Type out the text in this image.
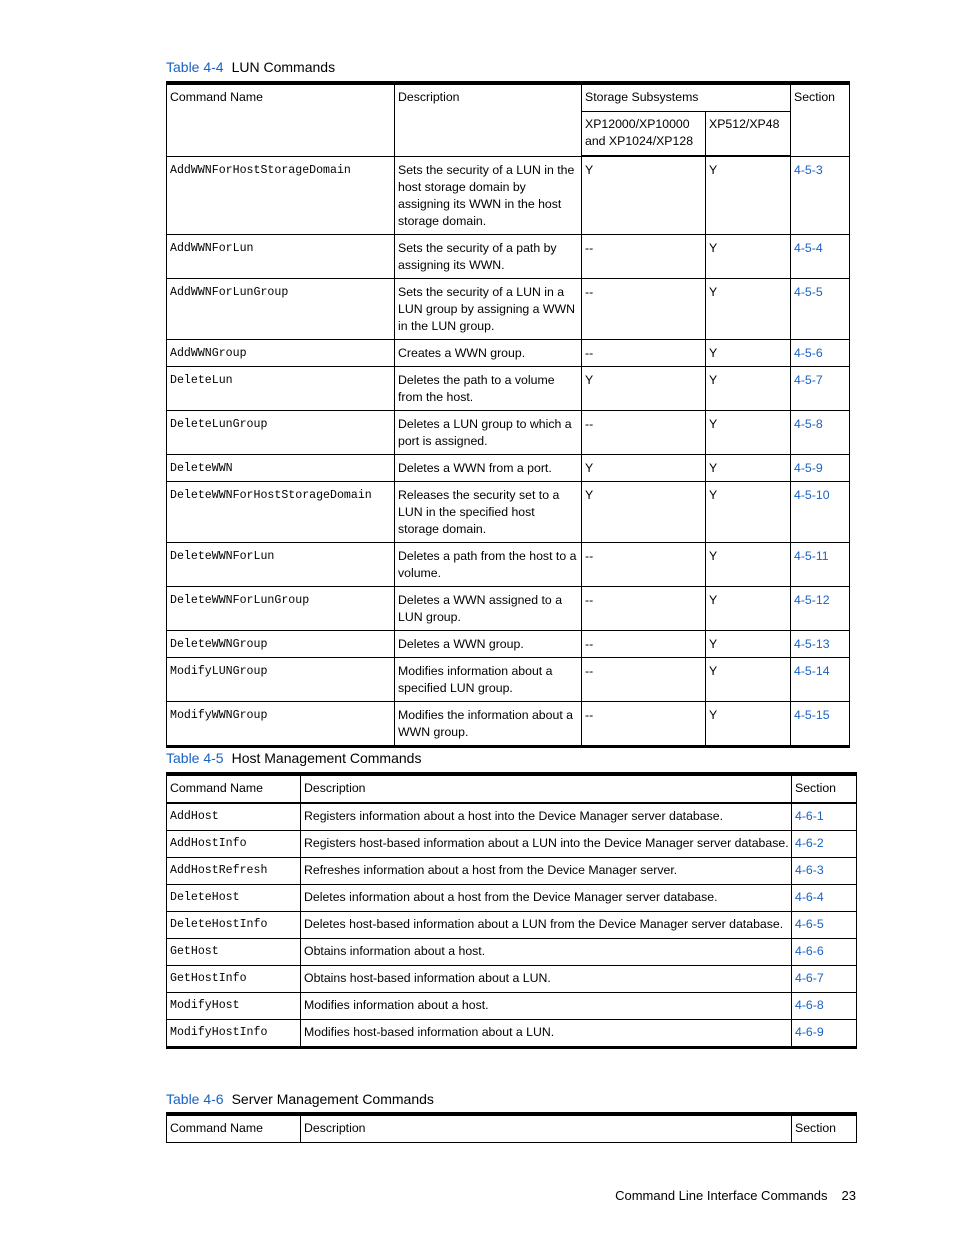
Table 4-4 LUN Commands
Command Name	Description	Storage Subsystems		Section
		XP12000/XP10000 and XP1024/XP128	XP512/XP48	
AddWWNForHostStorageDomain	Sets the security of a LUN in the host storage domain by assigning its WWN in the host storage domain.	Y	Y	4-5-3
AddWWNForLun	Sets the security of a path by assigning its WWN.	--	Y	4-5-4
AddWWNForLunGroup	Sets the security of a LUN in a LUN group by assigning a WWN in the LUN group.	--	Y	4-5-5
AddWWNGroup	Creates a WWN group.	--	Y	4-5-6
DeleteLun	Deletes the path to a volume from the host.	Y	Y	4-5-7
DeleteLunGroup	Deletes a LUN group to which a port is assigned.	--	Y	4-5-8
DeleteWWN	Deletes a WWN from a port.	Y	Y	4-5-9
DeleteWWNForHostStorageDomain	Releases the security set to a LUN in the specified host storage domain.	Y	Y	4-5-10
DeleteWWNForLun	Deletes a path from the host to a volume.	--	Y	4-5-11
DeleteWWNForLunGroup	Deletes a WWN assigned to a LUN group.	--	Y	4-5-12
DeleteWWNGroup	Deletes a WWN group.	--	Y	4-5-13
ModifyLUNGroup	Modifies information about a specified LUN group.	--	Y	4-5-14
ModifyWWNGroup	Modifies the information about a WWN group.	--	Y	4-5-15
Table 4-5 Host Management Commands
Command Name	Description	Section
AddHost	Registers information about a host into the Device Manager server database.	4-6-1
AddHostInfo	Registers host-based information about a LUN into the Device Manager server database.	4-6-2
AddHostRefresh	Refreshes information about a host from the Device Manager server.	4-6-3
DeleteHost	Deletes information about a host from the Device Manager server database.	4-6-4
DeleteHostInfo	Deletes host-based information about a LUN from the Device Manager server database.	4-6-5
GetHost	Obtains information about a host.	4-6-6
GetHostInfo	Obtains host-based information about a LUN.	4-6-7
ModifyHost	Modifies information about a host.	4-6-8
ModifyHostInfo	Modifies host-based information about a LUN.	4-6-9
Table 4-6 Server Management Commands
Command Name	Description	Section
Command Line Interface Commands 23
